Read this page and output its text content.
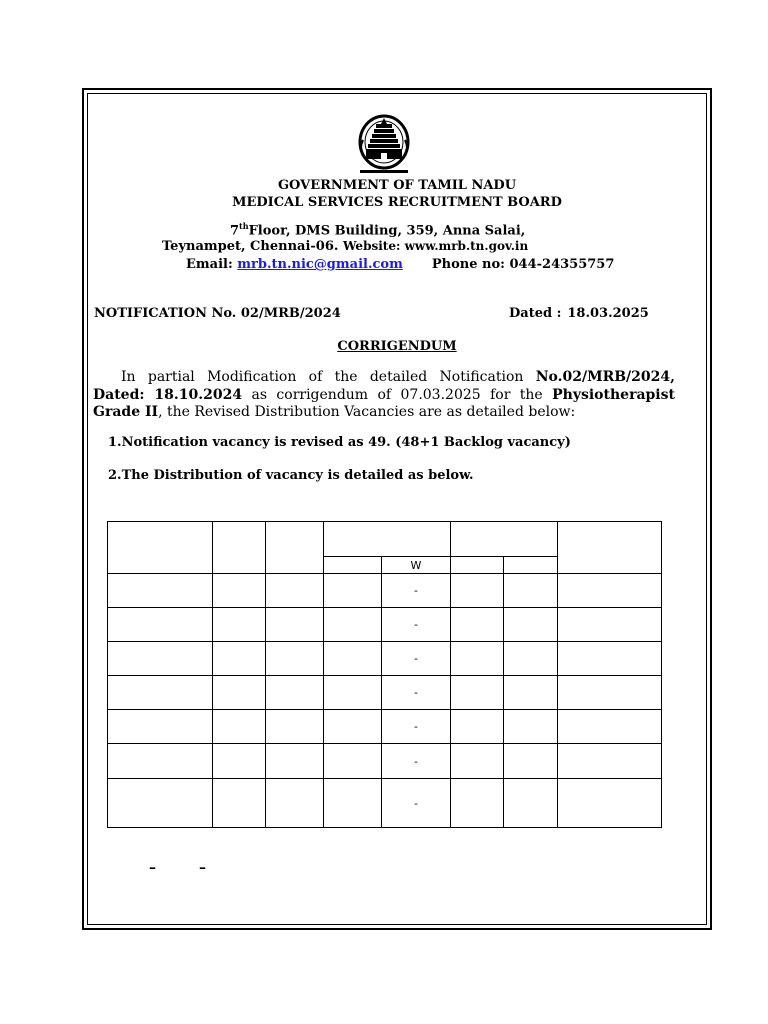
GOVERNMENT OF TAMIL NADU
MEDICAL SERVICES RECRUITMENT BOARD
7thFloor, DMS Building, 359, Anna Salai,
Teynampet, Chennai-06. Website: www.mrb.tn.gov.in
Email: mrb.tn.nic@gmail.com Phone no: 044-24355757
NOTIFICATION No. 02/MRB/2024	Dated : 18.03.2025
CORRIGENDUM
In partial Modification of the detailed Notification No.02/MRB/2024, Dated: 18.10.2024 as corrigendum of 07.03.2025 for the Physiotherapist Grade II, the Revised Distribution Vacancies are as detailed below:
1.Notification vacancy is revised as 49. (48+1 Backlog vacancy)
2.The Distribution of vacancy is detailed as below.

				W			
				-			
				-			
				-			
				-			
				-			
				-			
				-			
–	–
